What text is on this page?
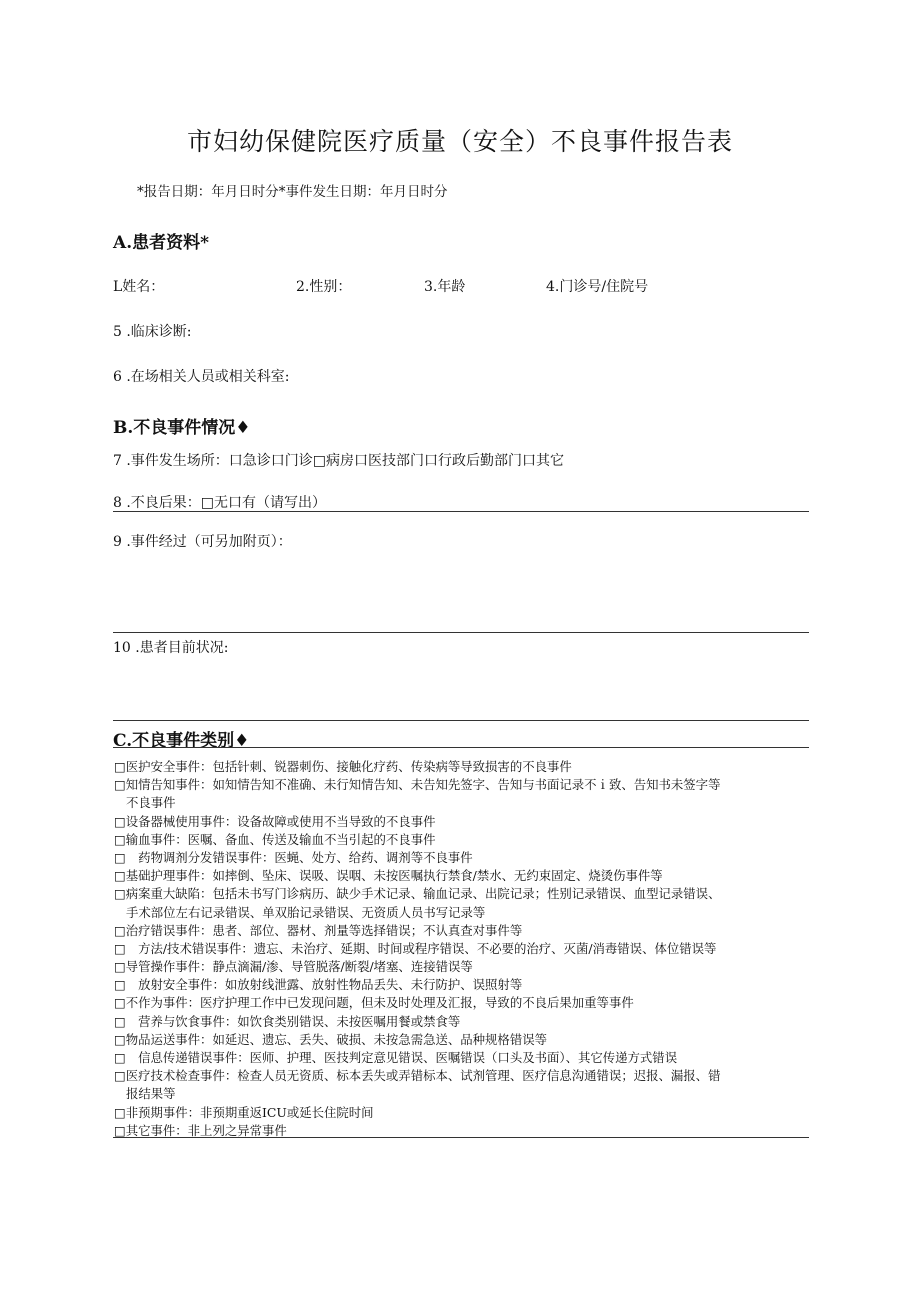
市妇幼保健院医疗质量（安全）不良事件报告表
*报告日期：年月日时分*事件发生日期：年月日时分
A.患者资料*
L姓名：	2.性别：	3.年龄	4.门诊号/住院号
5 .临床诊断:
6 .在场相关人员或相关科室:
B.不良事件情况♦
7 .事件发生场所：口急诊口门诊□病房口医技部门口行政后勤部门口其它
8 .不良后果：□无口有（请写出）
9 .事件经过（可另加附页）：
10 .患者目前状况:
C.不良事件类别♦
□医护安全事件：包括针刺、锐器刺伤、接触化疗药、传染病等导致损害的不良事件
□知情告知事件：如知情告知不准确、未行知情告知、未告知先签字、告知与书面记录不ｉ致、告知书未签字等
不良事件
□设备器械使用事件：设备故障或使用不当导致的不良事件
□输血事件：医嘱、备血、传送及输血不当引起的不良事件
□　药物调剂分发错误事件：医蝇、处方、给药、调剂等不良事件
□基础护理事件：如摔倒、坠床、误吸、误咽、未按医嘱执行禁食/禁水、无约束固定、烧烫伤事件等
□病案重大缺陷：包括未书写门诊病历、缺少手术记录、输血记录、出院记录；性别记录错误、血型记录错误、
手术部位左右记录错误、单双胎记录错误、无资质人员书写记录等
□治疗错误事件：患者、部位、器材、剂量等选择错误；不认真查对事件等
□　方法/技术错误事件：遗忘、未治疗、延期、时间或程序错误、不必要的治疗、灭菌/消毒错误、体位错误等
□导管操作事件：静点滴漏/渗、导管脱落/断裂/堵塞、连接错误等
□　放射安全事件：如放射线泄露、放射性物品丢失、未行防护、误照射等
□不作为事件：医疗护理工作中已发现问题，但未及时处理及汇报，导致的不良后果加重等事件
□　营养与饮食事件：如饮食类别错误、未按医嘱用餐或禁食等
□物品运送事件：如延迟、遗忘、丢失、破损、未按急需急送、品种规格错误等
□　信息传递错误事件：医师、护理、医技判定意见错误、医嘱错误（口头及书面）、其它传递方式错误
□医疗技术检查事件：检查人员无资质、标本丢失或弄错标本、试剂管理、医疗信息沟通错误；迟报、漏报、错
报结果等
□非预期事件：非预期重返ICU或延长住院时间
□其它事件：非上列之异常事件
